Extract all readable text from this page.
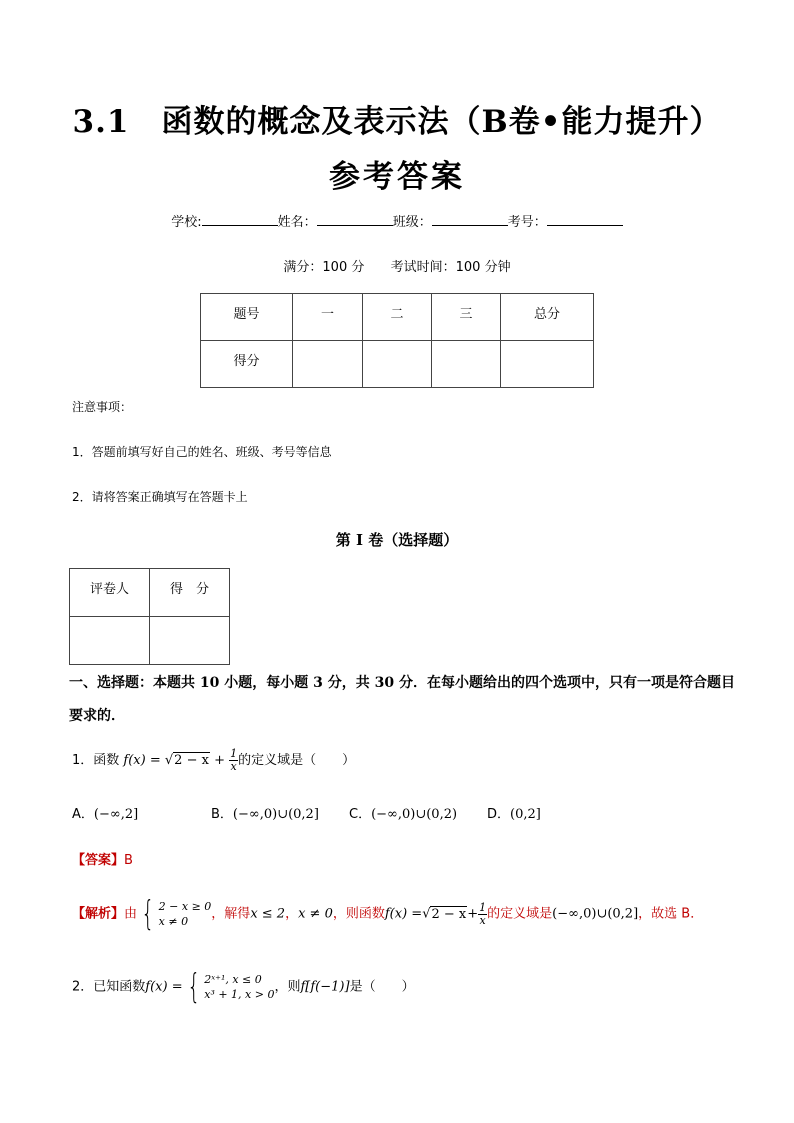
3.1　函数的概念及表示法（B卷•能力提升）
参考答案
学校:	姓名：	班级：	考号：
满分：100 分 考试时间：100 分钟
题号	一	二	三	总分
得分				
注意事项：
1．答题前填写好自己的姓名、班级、考号等信息
2．请将答案正确填写在答题卡上
第 I 卷（选择题）
评卷人	得　分

一、选择题：本题共 10 小题，每小题 3 分，共 30 分．在每小题给出的四个选项中，只有一项是符合题目
要求的．
1．函数 $f(x) = √2 - x + \frac{1}{x}$ 的定义域是（　　）
A．(−∞,2]	B．(−∞,0)∪(0,2] C．(−∞,0)∪(0,2) D．(0,2]
【答案】B
【解析】由 { 2 − x ≥ 0
x ≠ 0	，解得x ≤ 2，x ≠ 0，则函数$f(x) =√2 - x+ \frac{1}{x}$ 的定义域是(−∞,0)∪(0,2]，故选 B．
2．已知函数f(x) = { 2ˣ⁺¹, x ≤ 0
x³ + 1, x > 0 ，则f[f(−1)]是（　　）
